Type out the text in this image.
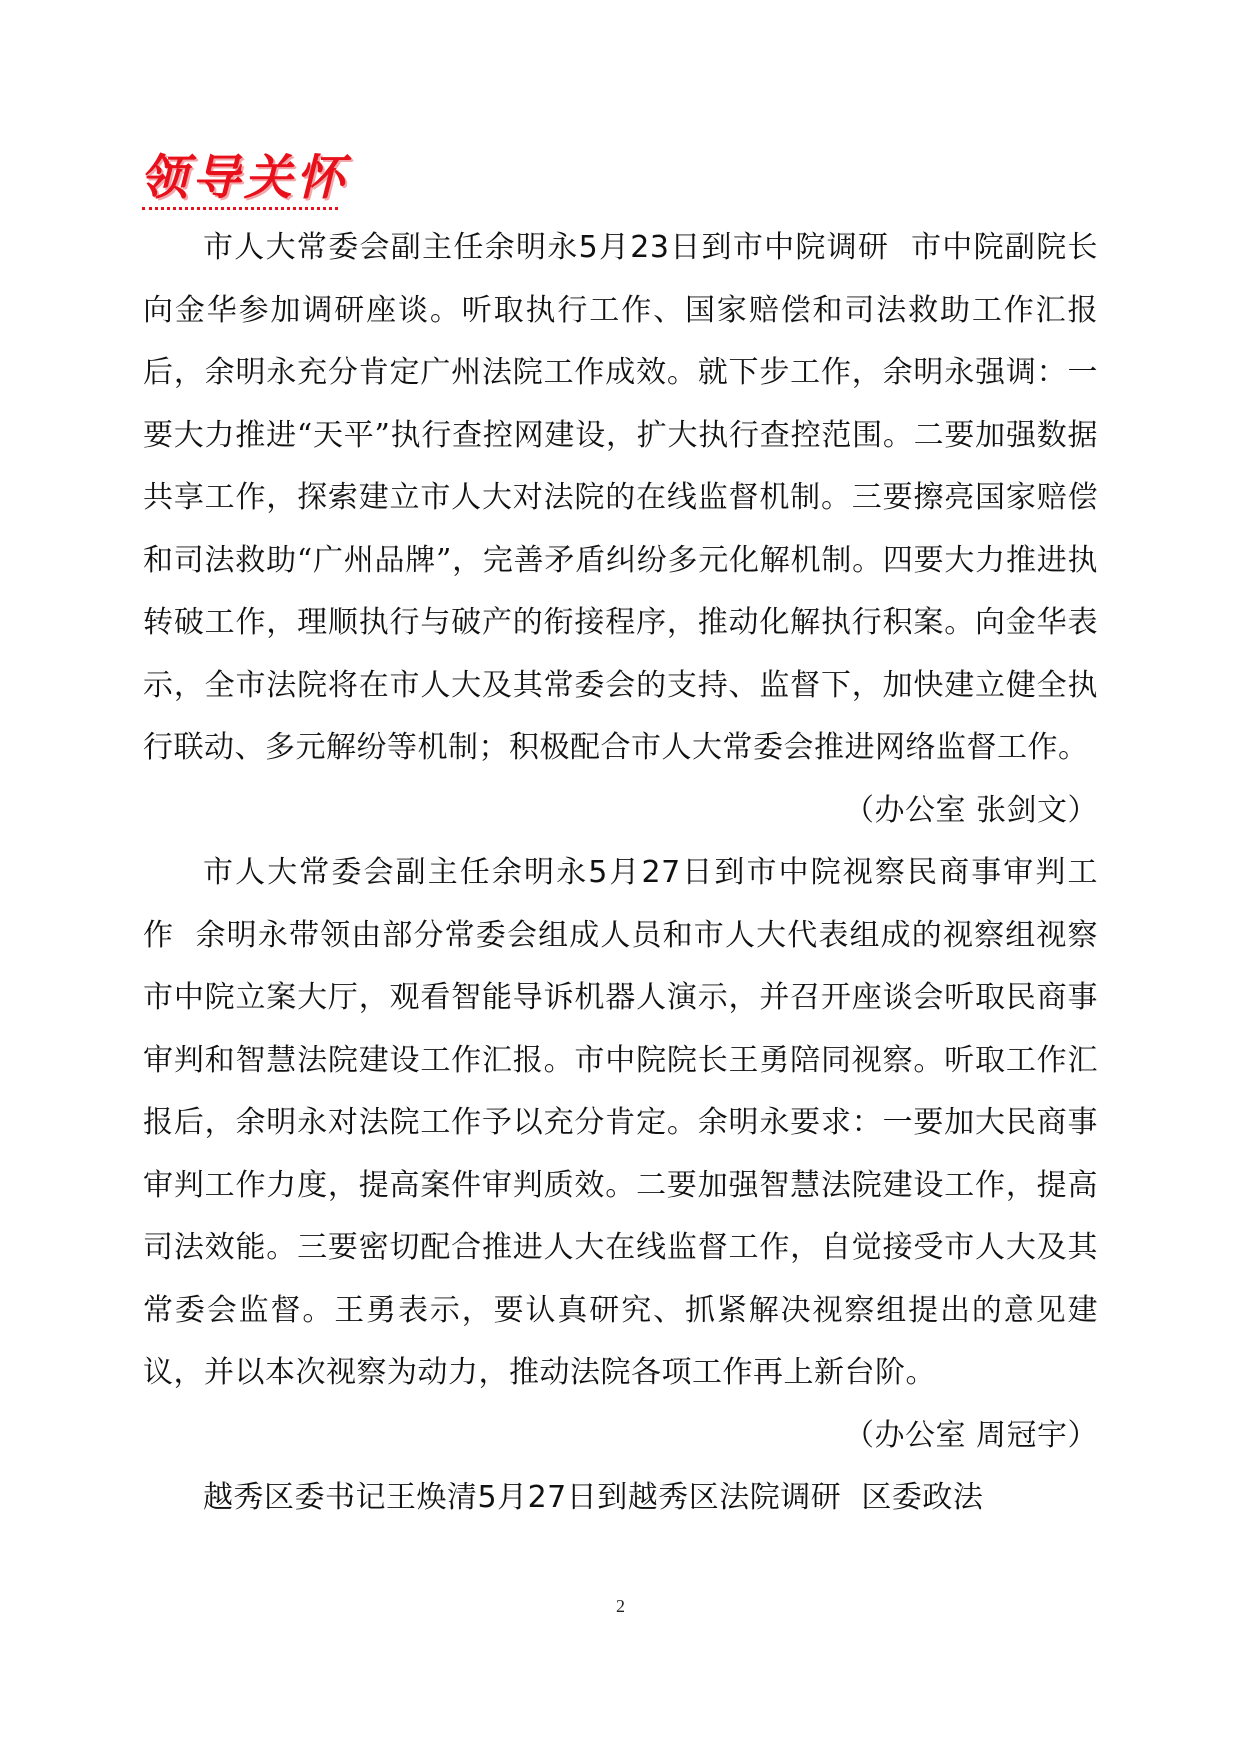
领导关怀

市人大常委会副主任余明永5月23日到市中院调研 市中院副院长向金华参加调研座谈。听取执行工作、国家赔偿和司法救助工作汇报后，余明永充分肯定广州法院工作成效。就下步工作，余明永强调：一要大力推进“天平”执行查控网建设，扩大执行查控范围。二要加强数据共享工作，探索建立市人大对法院的在线监督机制。三要擦亮国家赔偿和司法救助“广州品牌”，完善矛盾纠纷多元化解机制。四要大力推进执转破工作，理顺执行与破产的衔接程序，推动化解执行积案。向金华表示，全市法院将在市人大及其常委会的支持、监督下，加快建立健全执行联动、多元解纷等机制；积极配合市人大常委会推进网络监督工作。
（办公室 张剑文）

市人大常委会副主任余明永5月27日到市中院视察民商事审判工作 余明永带领由部分常委会组成人员和市人大代表组成的视察组视察市中院立案大厅，观看智能导诉机器人演示，并召开座谈会听取民商事审判和智慧法院建设工作汇报。市中院院长王勇陪同视察。听取工作汇报后，余明永对法院工作予以充分肯定。余明永要求：一要加大民商事审判工作力度，提高案件审判质效。二要加强智慧法院建设工作，提高司法效能。三要密切配合推进人大在线监督工作，自觉接受市人大及其常委会监督。王勇表示，要认真研究、抓紧解决视察组提出的意见建议，并以本次视察为动力，推动法院各项工作再上新台阶。
（办公室 周冠宇）

越秀区委书记王焕清5月27日到越秀区法院调研 区委政法

2
